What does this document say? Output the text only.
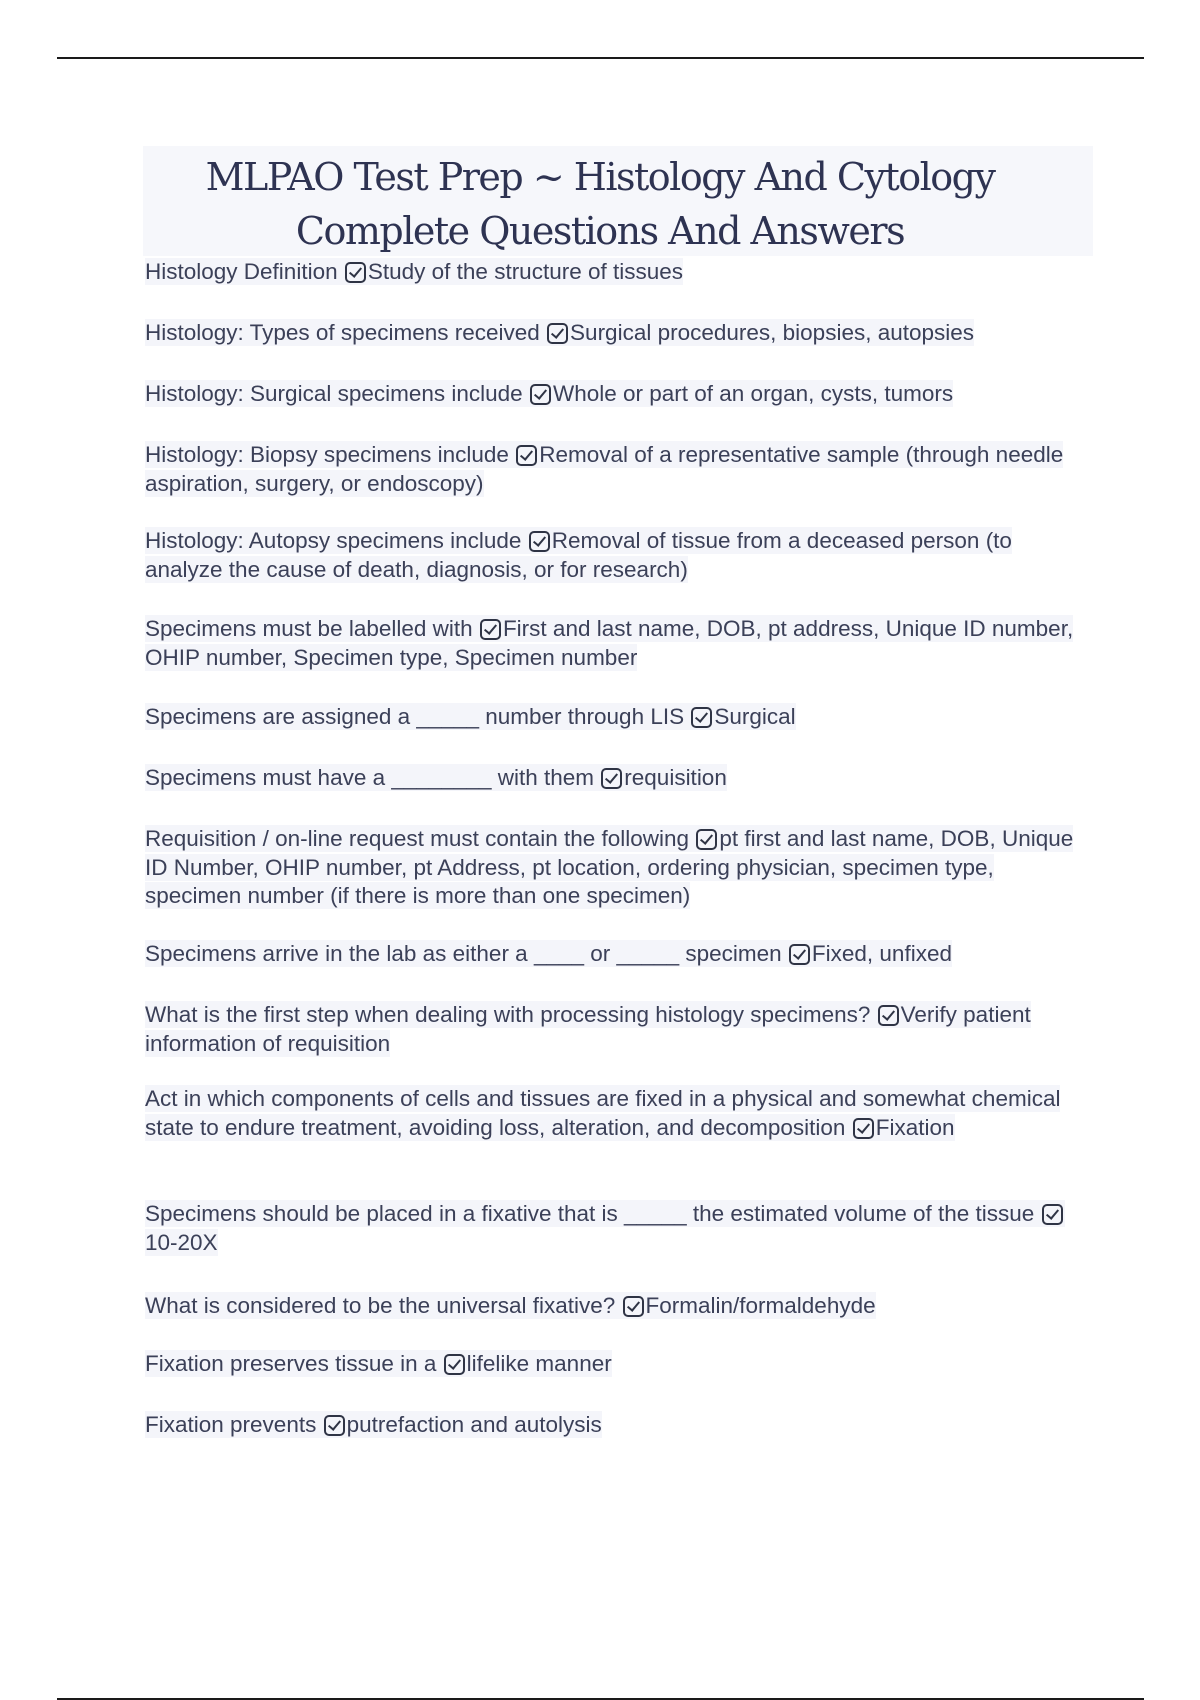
MLPAO Test Prep ~ Histology And Cytology
Complete Questions And Answers
Histology Definition Study of the structure of tissues
Histology: Types of specimens received Surgical procedures, biopsies, autopsies
Histology: Surgical specimens include Whole or part of an organ, cysts, tumors
Histology: Biopsy specimens include Removal of a representative sample (through needle aspiration, surgery, or endoscopy)
Histology: Autopsy specimens include Removal of tissue from a deceased person (to analyze the cause of death, diagnosis, or for research)
Specimens must be labelled with First and last name, DOB, pt address, Unique ID number, OHIP number, Specimen type, Specimen number
Specimens are assigned a _____ number through LIS Surgical
Specimens must have a ________ with them requisition
Requisition / on-line request must contain the following pt first and last name, DOB, Unique ID Number, OHIP number, pt Address, pt location, ordering physician, specimen type, specimen number (if there is more than one specimen)
Specimens arrive in the lab as either a ____ or _____ specimen Fixed, unfixed
What is the first step when dealing with processing histology specimens? Verify patient information of requisition
Act in which components of cells and tissues are fixed in a physical and somewhat chemical state to endure treatment, avoiding loss, alteration, and decomposition Fixation
Specimens should be placed in a fixative that is _____ the estimated volume of the tissue 10-20X
What is considered to be the universal fixative? Formalin/formaldehyde
Fixation preserves tissue in a lifelike manner
Fixation prevents putrefaction and autolysis
